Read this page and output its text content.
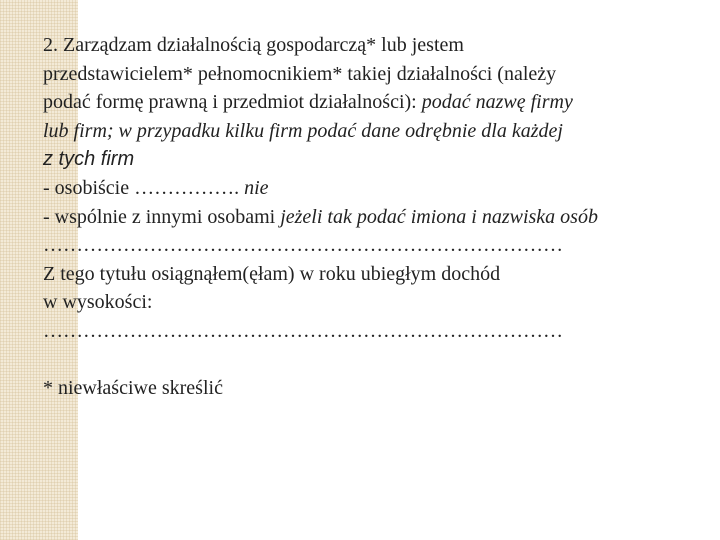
2. Zarządzam działalnością gospodarczą* lub jestem
przedstawicielem* pełnomocnikiem* takiej działalności (należy
podać formę prawną i przedmiot działalności): podać nazwę firmy
lub firm; w przypadku kilku firm podać dane odrębnie dla każdej
z tych firm
- osobiście ……………. nie
- wspólnie z innymi osobami jeżeli tak podać imiona i nazwiska osób
……………………………………………………………………
Z tego tytułu osiągnąłem(ęłam) w roku ubiegłym dochód
w wysokości:
……………………………………………………………………
* niewłaściwe skreślić
